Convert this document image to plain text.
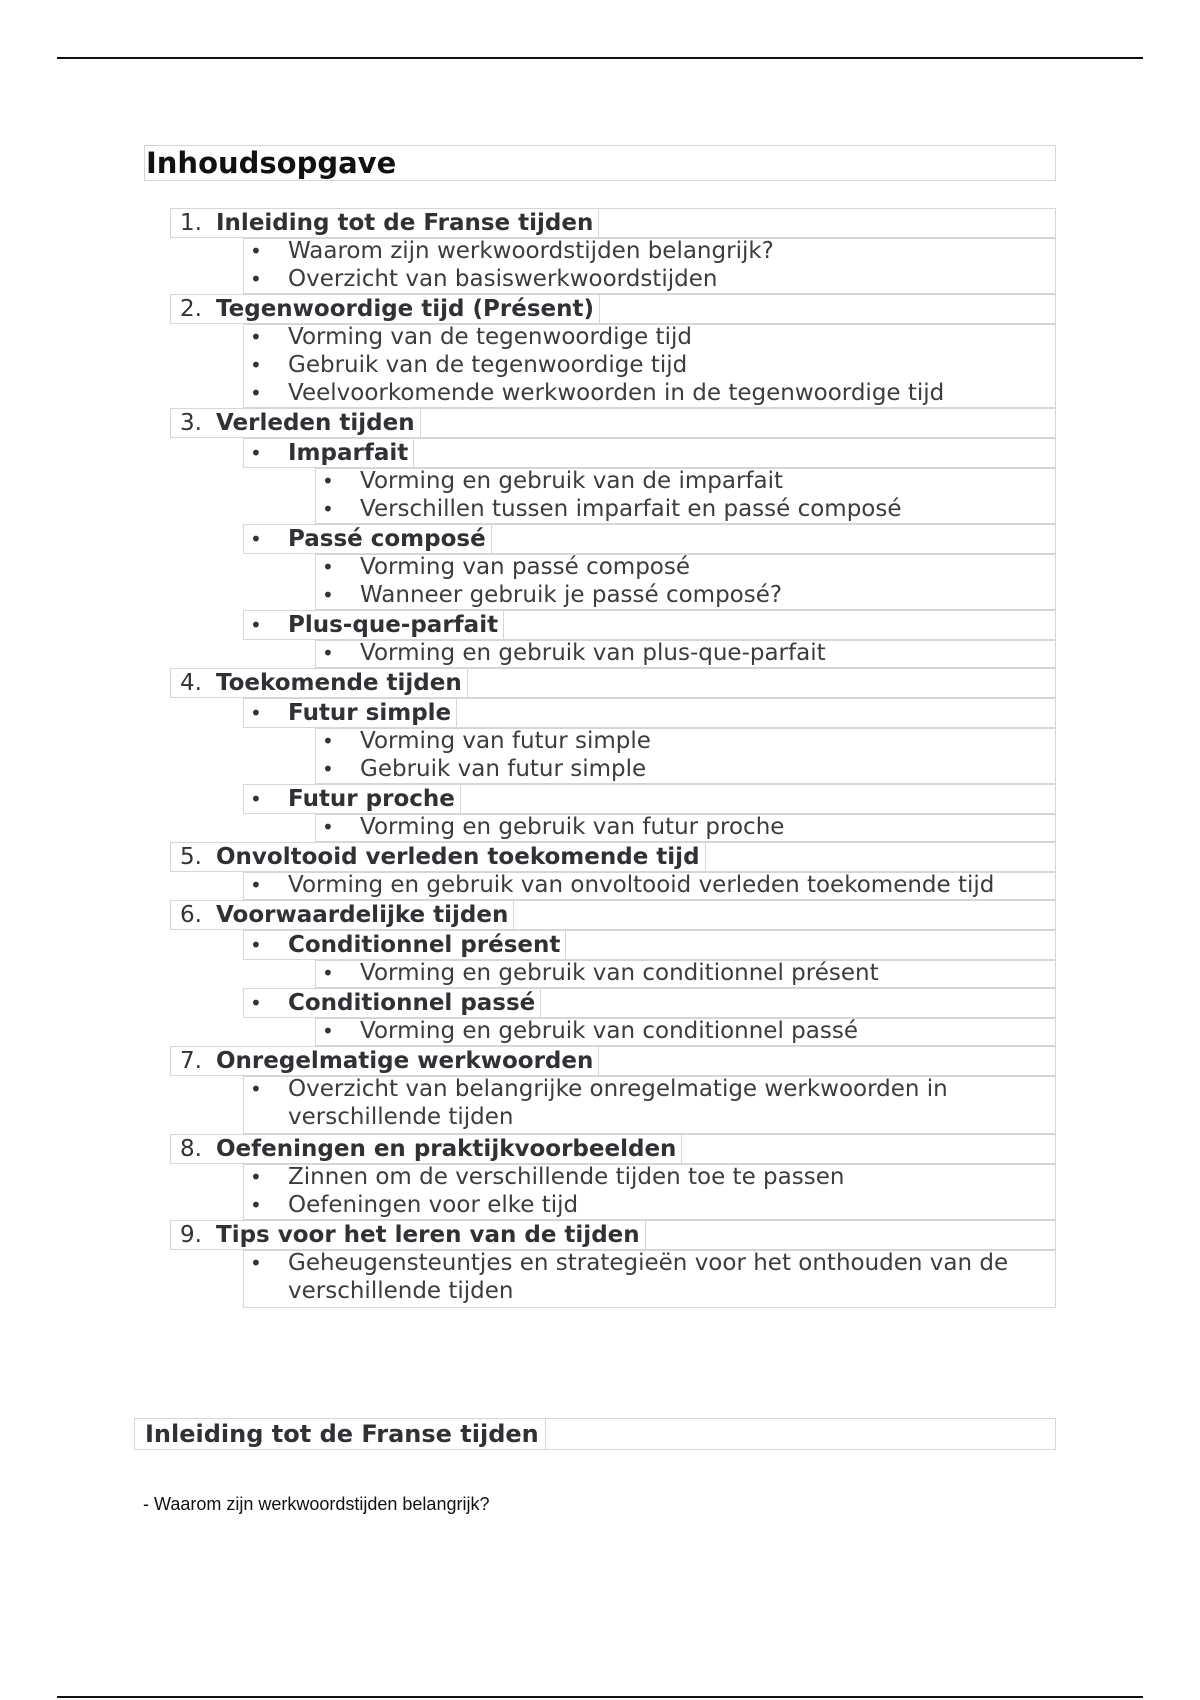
Inhoudsopgave
1. Inleiding tot de Franse tijden
• Waarom zijn werkwoordstijden belangrijk?
• Overzicht van basiswerkwoordstijden
2. Tegenwoordige tijd (Présent)
• Vorming van de tegenwoordige tijd
• Gebruik van de tegenwoordige tijd
• Veelvoorkomende werkwoorden in de tegenwoordige tijd
3. Verleden tijden
• Imparfait
• Vorming en gebruik van de imparfait
• Verschillen tussen imparfait en passé composé
• Passé composé
• Vorming van passé composé
• Wanneer gebruik je passé composé?
• Plus-que-parfait
• Vorming en gebruik van plus-que-parfait
4. Toekomende tijden
• Futur simple
• Vorming van futur simple
• Gebruik van futur simple
• Futur proche
• Vorming en gebruik van futur proche
5. Onvoltooid verleden toekomende tijd
• Vorming en gebruik van onvoltooid verleden toekomende tijd
6. Voorwaardelijke tijden
• Conditionnel présent
• Vorming en gebruik van conditionnel présent
• Conditionnel passé
• Vorming en gebruik van conditionnel passé
7. Onregelmatige werkwoorden
• Overzicht van belangrijke onregelmatige werkwoorden in
verschillende tijden
8. Oefeningen en praktijkvoorbeelden
• Zinnen om de verschillende tijden toe te passen
• Oefeningen voor elke tijd
9. Tips voor het leren van de tijden
• Geheugensteuntjes en strategieën voor het onthouden van de
verschillende tijden
Inleiding tot de Franse tijden
- Waarom zijn werkwoordstijden belangrijk?
